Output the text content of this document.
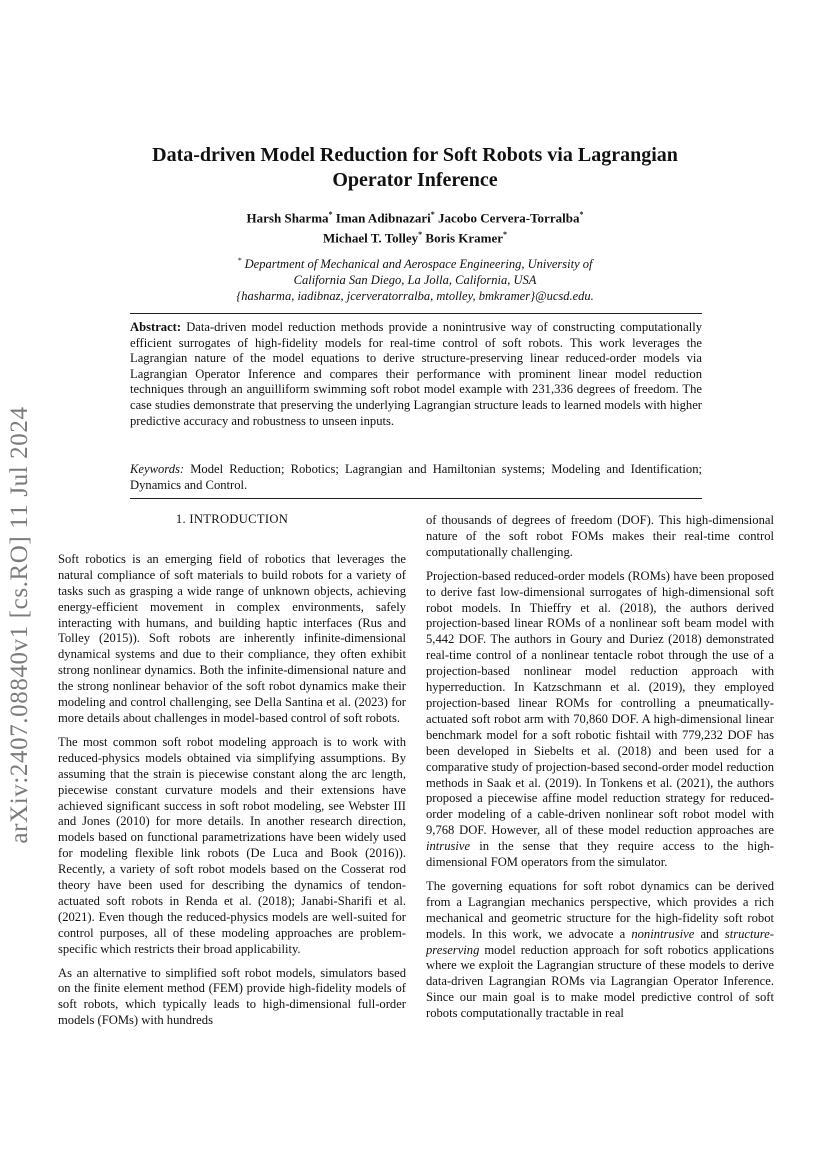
arXiv:2407.08840v1 [cs.RO] 11 Jul 2024
Data-driven Model Reduction for Soft Robots via Lagrangian Operator Inference
Harsh Sharma* Iman Adibnazari* Jacobo Cervera-Torralba*
Michael T. Tolley* Boris Kramer*
* Department of Mechanical and Aerospace Engineering, University of
California San Diego, La Jolla, California, USA
{hasharma, iadibnaz, jcerveratorralba, mtolley, bmkramer}@ucsd.edu.
Abstract: Data-driven model reduction methods provide a nonintrusive way of constructing computationally efficient surrogates of high-fidelity models for real-time control of soft robots. This work leverages the Lagrangian nature of the model equations to derive structure-preserving linear reduced-order models via Lagrangian Operator Inference and compares their performance with prominent linear model reduction techniques through an anguilliform swimming soft robot model example with 231,336 degrees of freedom. The case studies demonstrate that preserving the underlying Lagrangian structure leads to learned models with higher predictive accuracy and robustness to unseen inputs.
Keywords: Model Reduction; Robotics; Lagrangian and Hamiltonian systems; Modeling and Identification; Dynamics and Control.

1. INTRODUCTION

Soft robotics is an emerging field of robotics that leverages the natural compliance of soft materials to build robots for a variety of tasks such as grasping a wide range of unknown objects, achieving energy-efficient movement in complex environments, safely interacting with humans, and building haptic interfaces (Rus and Tolley (2015)). Soft robots are inherently infinite-dimensional dynamical systems and due to their compliance, they often exhibit strong nonlinear dynamics. Both the infinite-dimensional nature and the strong nonlinear behavior of the soft robot dynamics make their modeling and control challenging, see Della Santina et al. (2023) for more details about challenges in model-based control of soft robots.

The most common soft robot modeling approach is to work with reduced-physics models obtained via simplifying assumptions. By assuming that the strain is piecewise constant along the arc length, piecewise constant curvature models and their extensions have achieved significant success in soft robot modeling, see Webster III and Jones (2010) for more details. In another research direction, models based on functional parametrizations have been widely used for modeling flexible link robots (De Luca and Book (2016)). Recently, a variety of soft robot models based on the Cosserat rod theory have been used for describing the dynamics of tendon-actuated soft robots in Renda et al. (2018); Janabi-Sharifi et al. (2021). Even though the reduced-physics models are well-suited for control purposes, all of these modeling approaches are problem-specific which restricts their broad applicability.

As an alternative to simplified soft robot models, simulators based on the finite element method (FEM) provide high-fidelity models of soft robots, which typically leads to high-dimensional full-order models (FOMs) with hundreds

of thousands of degrees of freedom (DOF). This high-dimensional nature of the soft robot FOMs makes their real-time control computationally challenging.

Projection-based reduced-order models (ROMs) have been proposed to derive fast low-dimensional surrogates of high-dimensional soft robot models. In Thieffry et al. (2018), the authors derived projection-based linear ROMs of a nonlinear soft beam model with 5,442 DOF. The authors in Goury and Duriez (2018) demonstrated real-time control of a nonlinear tentacle robot through the use of a projection-based nonlinear model reduction approach with hyperreduction. In Katzschmann et al. (2019), they employed projection-based linear ROMs for controlling a pneumatically-actuated soft robot arm with 70,860 DOF. A high-dimensional linear benchmark model for a soft robotic fishtail with 779,232 DOF has been developed in Siebelts et al. (2018) and been used for a comparative study of projection-based second-order model reduction methods in Saak et al. (2019). In Tonkens et al. (2021), the authors proposed a piecewise affine model reduction strategy for reduced-order modeling of a cable-driven nonlinear soft robot model with 9,768 DOF. However, all of these model reduction approaches are intrusive in the sense that they require access to the high-dimensional FOM operators from the simulator.

The governing equations for soft robot dynamics can be derived from a Lagrangian mechanics perspective, which provides a rich mechanical and geometric structure for the high-fidelity soft robot models. In this work, we advocate a nonintrusive and structure-preserving model reduction approach for soft robotics applications where we exploit the Lagrangian structure of these models to derive data-driven Lagrangian ROMs via Lagrangian Operator Inference. Since our main goal is to make model predictive control of soft robots computationally tractable in real
